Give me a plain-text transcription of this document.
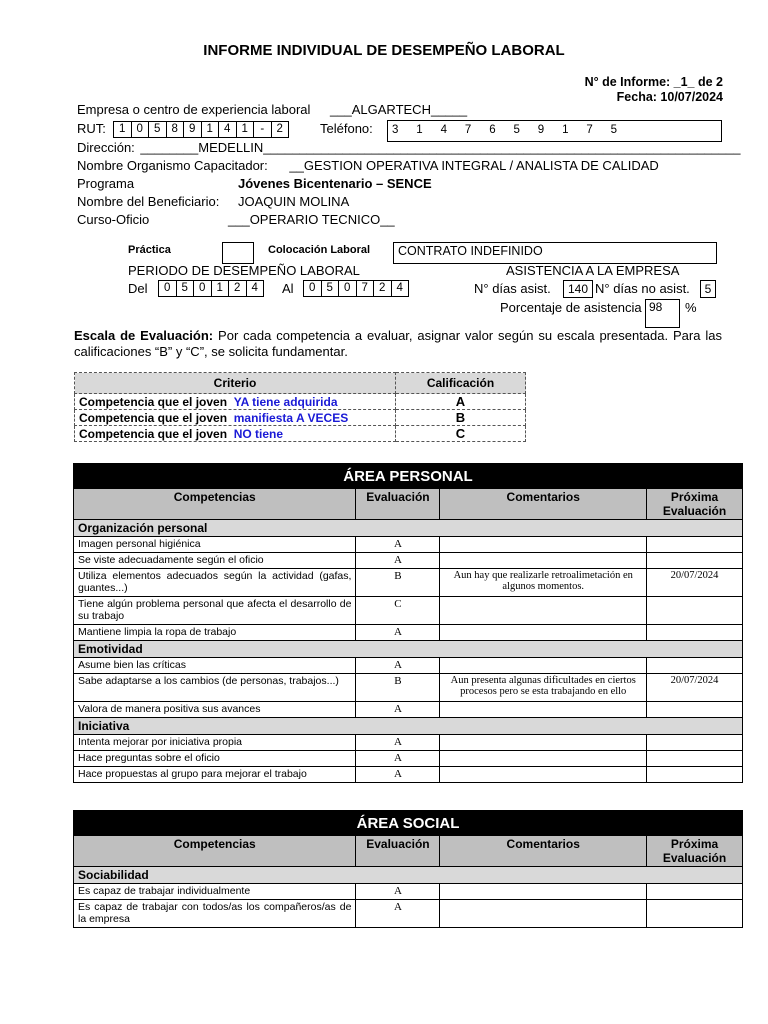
INFORME INDIVIDUAL DE DESEMPEÑO LABORAL
N° de Informe: _1_ de 2
Fecha: 10/07/2024
Empresa o centro de experiencia laboral ___ALGARTECH_____
RUT:	1 0 5 8 9 1 4 1	-	2	Teléfono: 3	1	4	7	6	5	9	1	7	5
Dirección: ________MEDELLIN__________________________________________________________________
Nombre Organismo Capacitador: __GESTION OPERATIVA INTEGRAL / ANALISTA DE CALIDAD
Programa	Jóvenes Bicentenario – SENCE
Nombre del Beneficiario: JOAQUIN MOLINA
Curso-Oficio	___OPERARIO TECNICO__
Práctica	Colocación Laboral CONTRATO INDEFINIDO
PERIODO DE DESEMPEÑO LABORAL	ASISTENCIA A LA EMPRESA
Del	0 5 0 1 2 4	Al	0 5 0 7 2 4	N° días asist.	140 N° días no asist.	5
Porcentaje de asistencia 98	%
Escala de Evaluación: Por cada competencia a evaluar, asignar valor según su escala presentada. Para las calificaciones “B” y “C”, se solicita fundamentar.
Criterio	Calificación
Competencia que el joven YA tiene adquirida	A
Competencia que el joven manifiesta A VECES	B
Competencia que el joven NO tiene	C
ÁREA PERSONAL			
Competencias	Evaluación	Comentarios	Próxima Evaluación
Organización personal			
Imagen personal higiénica	A		
Se viste adecuadamente según el oficio	A		
Utiliza elementos adecuados según la actividad (gafas, guantes...)	B	Aun hay que realizarle retroalimetación en algunos momentos.	20/07/2024
Tiene algún problema personal que afecta el desarrollo de su trabajo	C		
Mantiene limpia la ropa de trabajo	A		
Emotividad			
Asume bien las críticas	A		
Sabe adaptarse a los cambios (de personas, trabajos...)	B	Aun presenta algunas dificultades en ciertos procesos pero se esta trabajando en ello	20/07/2024
Valora de manera positiva sus avances	A		
Iniciativa			
Intenta mejorar por iniciativa propia	A		
Hace preguntas sobre el oficio	A		
Hace propuestas al grupo para mejorar el trabajo	A		
ÁREA SOCIAL			
Competencias	Evaluación	Comentarios	Próxima Evaluación
Sociabilidad			
Es capaz de trabajar individualmente	A		
Es capaz de trabajar con todos/as los compañeros/as de la empresa	A		
